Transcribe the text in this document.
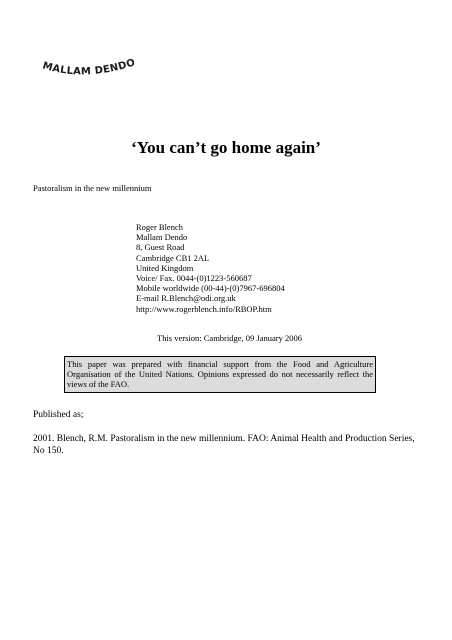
MALLAM DENDO
‘You can’t go home again’
Pastoralism in the new millennium
Roger Blench
Mallam Dendo
8, Guest Road
Cambridge CB1 2AL
United Kingdom
Voice/ Fax. 0044-(0)1223-560687
Mobile worldwide (00-44)-(0)7967-696804
E-mail R.Blench@odi.org.uk
http://www.rogerblench.info/RBOP.htm
This version: Cambridge, 09 January 2006
This paper was prepared with financial support from the Food and Agriculture Organisation of the United Nations. Opinions expressed do not necessarily reflect the views of the FAO.
Published as;
2001. Blench, R.M. Pastoralism in the new millennium. FAO: Animal Health and Production Series, No 150.
